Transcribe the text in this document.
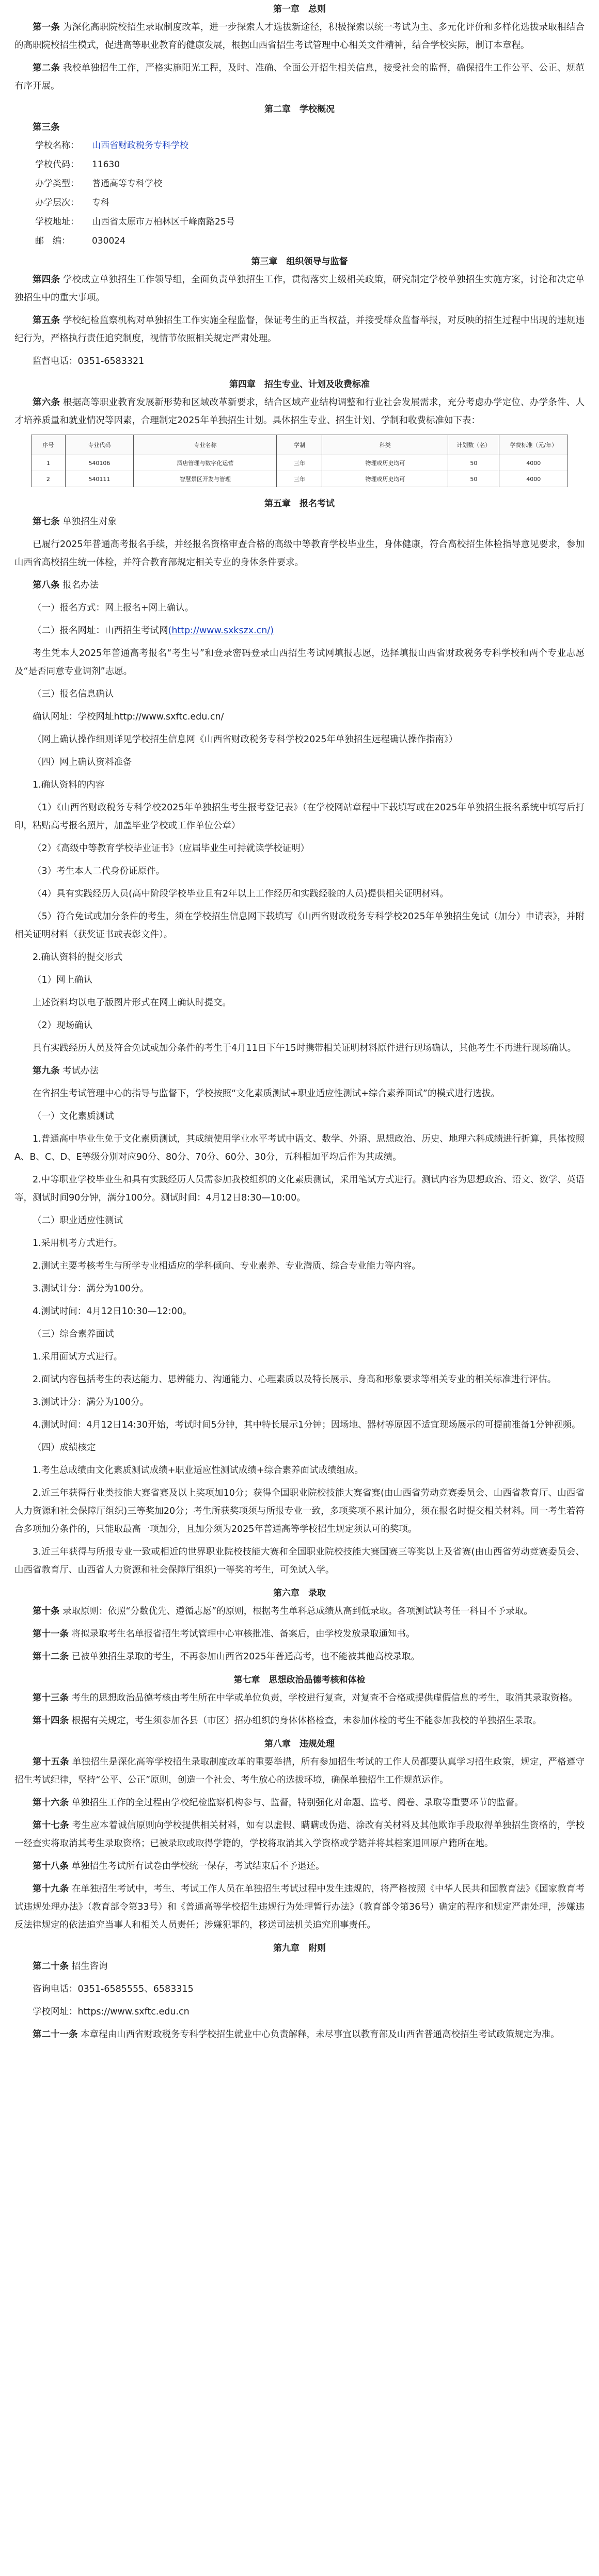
第一章　总则

第一条 为深化高职院校招生录取制度改革，进一步探索人才选拔新途径，积极探索以统一考试为主、多元化评价和多样化选拔录取相结合的高职院校招生模式，促进高等职业教育的健康发展，根据山西省招生考试管理中心相关文件精神，结合学校实际，制订本章程。

第二条 我校单独招生工作，严格实施阳光工程，及时、准确、全面公开招生相关信息，接受社会的监督，确保招生工作公平、公正、规范有序开展。

第二章　学校概况

第三条

学校名称： 山西省财政税务专科学校
学校代码： 11630
办学类型： 普通高等专科学校
办学层次： 专科
学校地址： 山西省太原市万柏林区千峰南路25号
邮　编： 030024
第三章　组织领导与监督

第四条 学校成立单独招生工作领导组，全面负责单独招生工作，贯彻落实上级相关政策，研究制定学校单独招生实施方案，讨论和决定单独招生中的重大事项。

第五条 学校纪检监察机构对单独招生工作实施全程监督，保证考生的正当权益，并接受群众监督举报，对反映的招生过程中出现的违规违纪行为，严格执行责任追究制度，视情节依照相关规定严肃处理。

监督电话：0351-6583321

第四章　招生专业、计划及收费标准

第六条 根据高等职业教育发展新形势和区域改革新要求，结合区域产业结构调整和行业社会发展需求，充分考虑办学定位、办学条件、人才培养质量和就业情况等因素，合理制定2025年单独招生计划。具体招生专业、招生计划、学制和收费标准如下表：

序号	专业代码	专业名称	学制	科类	计划数（名）	学费标准（元/年）
1	540106	酒店管理与数字化运营	三年	物理或历史均可	50	4000
2	540111	智慧景区开发与管理	三年	物理或历史均可	50	4000
第五章　报名考试

第七条 单独招生对象

已履行2025年普通高考报名手续，并经报名资格审查合格的高级中等教育学校毕业生，身体健康，符合高校招生体检指导意见要求，参加山西省高校招生统一体检，并符合教育部规定相关专业的身体条件要求。

第八条 报名办法

（一）报名方式：网上报名+网上确认。

（二）报名网址：山西招生考试网(http://www.sxkszx.cn/)

考生凭本人2025年普通高考报名“考生号”和登录密码登录山西招生考试网填报志愿，选择填报山西省财政税务专科学校和两个专业志愿及“是否同意专业调剂”志愿。

（三）报名信息确认

确认网址：学校网址http://www.sxftc.edu.cn/

（网上确认操作细则详见学校招生信息网《山西省财政税务专科学校2025年单独招生远程确认操作指南》）

（四）网上确认资料准备

1.确认资料的内容

（1）《山西省财政税务专科学校2025年单独招生考生报考登记表》（在学校网站章程中下载填写或在2025年单独招生报名系统中填写后打印，粘贴高考报名照片，加盖毕业学校或工作单位公章）

（2）《高级中等教育学校毕业证书》（应届毕业生可持就读学校证明）

（3）考生本人二代身份证原件。

（4）具有实践经历人员(高中阶段学校毕业且有2年以上工作经历和实践经验的人员)提供相关证明材料。

（5）符合免试或加分条件的考生，须在学校招生信息网下载填写《山西省财政税务专科学校2025年单独招生免试（加分）申请表》，并附相关证明材料（获奖证书或表彰文件）。

2.确认资料的提交形式

（1）网上确认

上述资料均以电子版图片形式在网上确认时提交。

（2）现场确认

具有实践经历人员及符合免试或加分条件的考生于4月11日下午15时携带相关证明材料原件进行现场确认，其他考生不再进行现场确认。

第九条 考试办法

在省招生考试管理中心的指导与监督下，学校按照“文化素质测试+职业适应性测试+综合素养面试”的模式进行选拔。

（一）文化素质测试

1.普通高中毕业生免于文化素质测试，其成绩使用学业水平考试中语文、数学、外语、思想政治、历史、地理六科成绩进行折算，具体按照A、B、C、D、E等级分别对应90分、80分、70分、60分、30分，五科相加平均后作为其成绩。

2.中等职业学校毕业生和具有实践经历人员需参加我校组织的文化素质测试，采用笔试方式进行。测试内容为思想政治、语文、数学、英语等，测试时间90分钟，满分100分。测试时间：4月12日8:30—10:00。

（二）职业适应性测试

1.采用机考方式进行。

2.测试主要考核考生与所学专业相适应的学科倾向、专业素养、专业潜质、综合专业能力等内容。

3.测试计分：满分为100分。

4.测试时间：4月12日10:30—12:00。

（三）综合素养面试

1.采用面试方式进行。

2.面试内容包括考生的表达能力、思辨能力、沟通能力、心理素质以及特长展示、身高和形象要求等相关专业的相关标准进行评估。

3.测试计分：满分为100分。

4.测试时间：4月12日14:30开始，考试时间5分钟，其中特长展示1分钟；因场地、器材等原因不适宜现场展示的可提前准备1分钟视频。

（四）成绩核定

1.考生总成绩由文化素质测试成绩+职业适应性测试成绩+综合素养面试成绩组成。

2.近三年获得行业类技能大赛省赛及以上奖项加10分；获得全国职业院校技能大赛省赛(由山西省劳动竞赛委员会、山西省教育厅、山西省人力资源和社会保障厅组织)三等奖加20分；考生所获奖项须与所报专业一致，多项奖项不累计加分，须在报名时提交相关材料。同一考生若符合多项加分条件的，只能取最高一项加分，且加分须为2025年普通高等学校招生规定须认可的奖项。

3.近三年获得与所报专业一致或相近的世界职业院校技能大赛和全国职业院校技能大赛国赛三等奖以上及省赛(由山西省劳动竞赛委员会、山西省教育厅、山西省人力资源和社会保障厅组织)一等奖的考生，可免试入学。

第六章　录取

第十条 录取原则：依照“分数优先、遵循志愿”的原则，根据考生单科总成绩从高到低录取。各项测试缺考任一科目不予录取。

第十一条 将拟录取考生名单报省招生考试管理中心审核批准、备案后，由学校发放录取通知书。

第十二条 已被单独招生录取的考生，不再参加山西省2025年普通高考，也不能被其他高校录取。

第七章　思想政治品德考核和体检

第十三条 考生的思想政治品德考核由考生所在中学或单位负责，学校进行复查，对复查不合格或提供虚假信息的考生，取消其录取资格。

第十四条 根据有关规定，考生须参加各县（市区）招办组织的身体体格检查，未参加体检的考生不能参加我校的单独招生录取。

第八章　违规处理

第十五条 单独招生是深化高等学校招生录取制度改革的重要举措，所有参加招生考试的工作人员都要认真学习招生政策，规定，严格遵守招生考试纪律，坚持“公平、公正”原则，创造一个社会、考生放心的选拔环境，确保单独招生工作规范运作。

第十六条 单独招生工作的全过程由学校纪检监察机构参与、监督，特别强化对命题、监考、阅卷、录取等重要环节的监督。

第十七条 考生应本着诚信原则向学校提供相关材料，如有以虚假、瞒瞒或伪造、涂改有关材料及其他欺诈手段取得单独招生资格的，学校一经查实将取消其考生录取资格；已被录取或取得学籍的，学校将取消其入学资格或学籍并将其档案退回原户籍所在地。

第十八条 单独招生考试所有试卷由学校统一保存，考试结束后不予退还。

第十九条 在单独招生考试中，考生、考试工作人员在单独招生考试过程中发生违规的，将严格按照《中华人民共和国教育法》《国家教育考试违规处理办法》（教育部令第33号）和《普通高等学校招生违规行为处理暂行办法》（教育部令第36号）确定的程序和规定严肃处理，涉嫌违反法律规定的依法追究当事人和相关人员责任；涉嫌犯罪的，移送司法机关追究刑事责任。

第九章　附则

第二十条 招生咨询

咨询电话：0351-6585555、6583315

学校网址：https://www.sxftc.edu.cn

第二十一条 本章程由山西省财政税务专科学校招生就业中心负责解释，未尽事宜以教育部及山西省普通高校招生考试政策规定为准。
